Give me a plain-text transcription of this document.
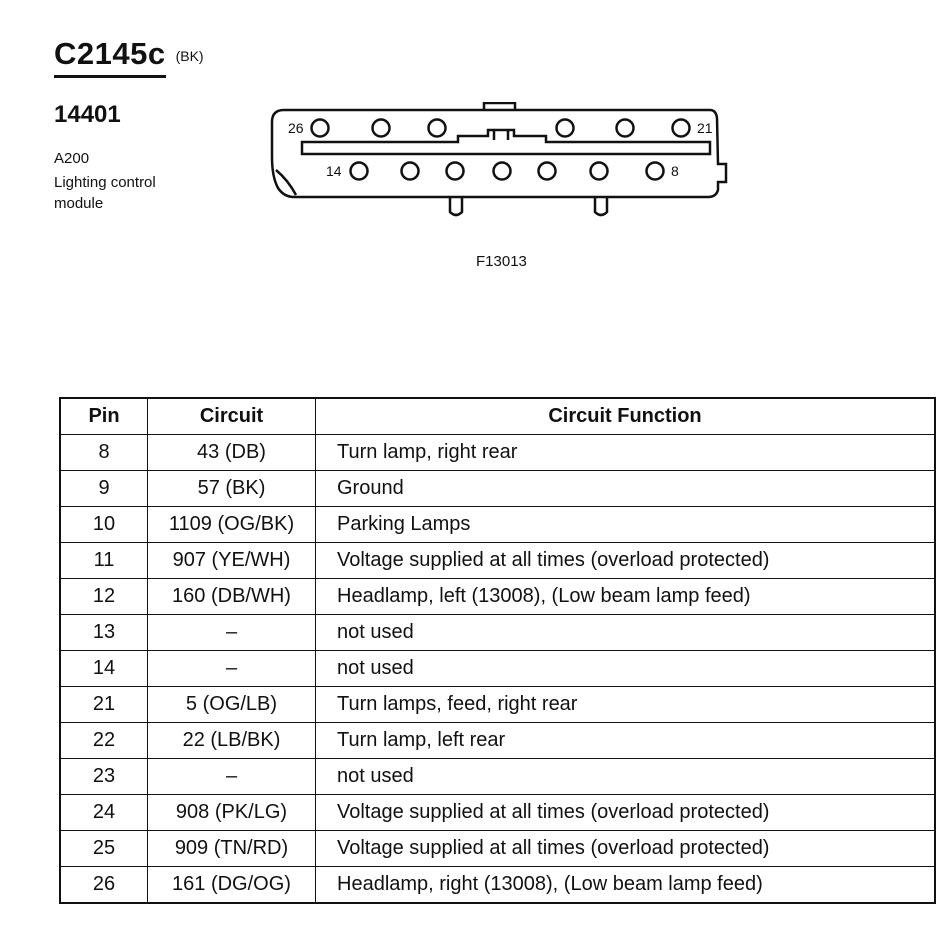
C2145c (BK)
14401
A200
Lighting control module
26	21
14	8
F13013
Pin	Circuit	Circuit Function
8	43 (DB)	Turn lamp, right rear
9	57 (BK)	Ground
10	1109 (OG/BK)	Parking Lamps
11	907 (YE/WH)	Voltage supplied at all times (overload protected)
12	160 (DB/WH)	Headlamp, left (13008), (Low beam lamp feed)
13	–	not used
14	–	not used
21	5 (OG/LB)	Turn lamps, feed, right rear
22	22 (LB/BK)	Turn lamp, left rear
23	–	not used
24	908 (PK/LG)	Voltage supplied at all times (overload protected)
25	909 (TN/RD)	Voltage supplied at all times (overload protected)
26	161 (DG/OG)	Headlamp, right (13008), (Low beam lamp feed)
